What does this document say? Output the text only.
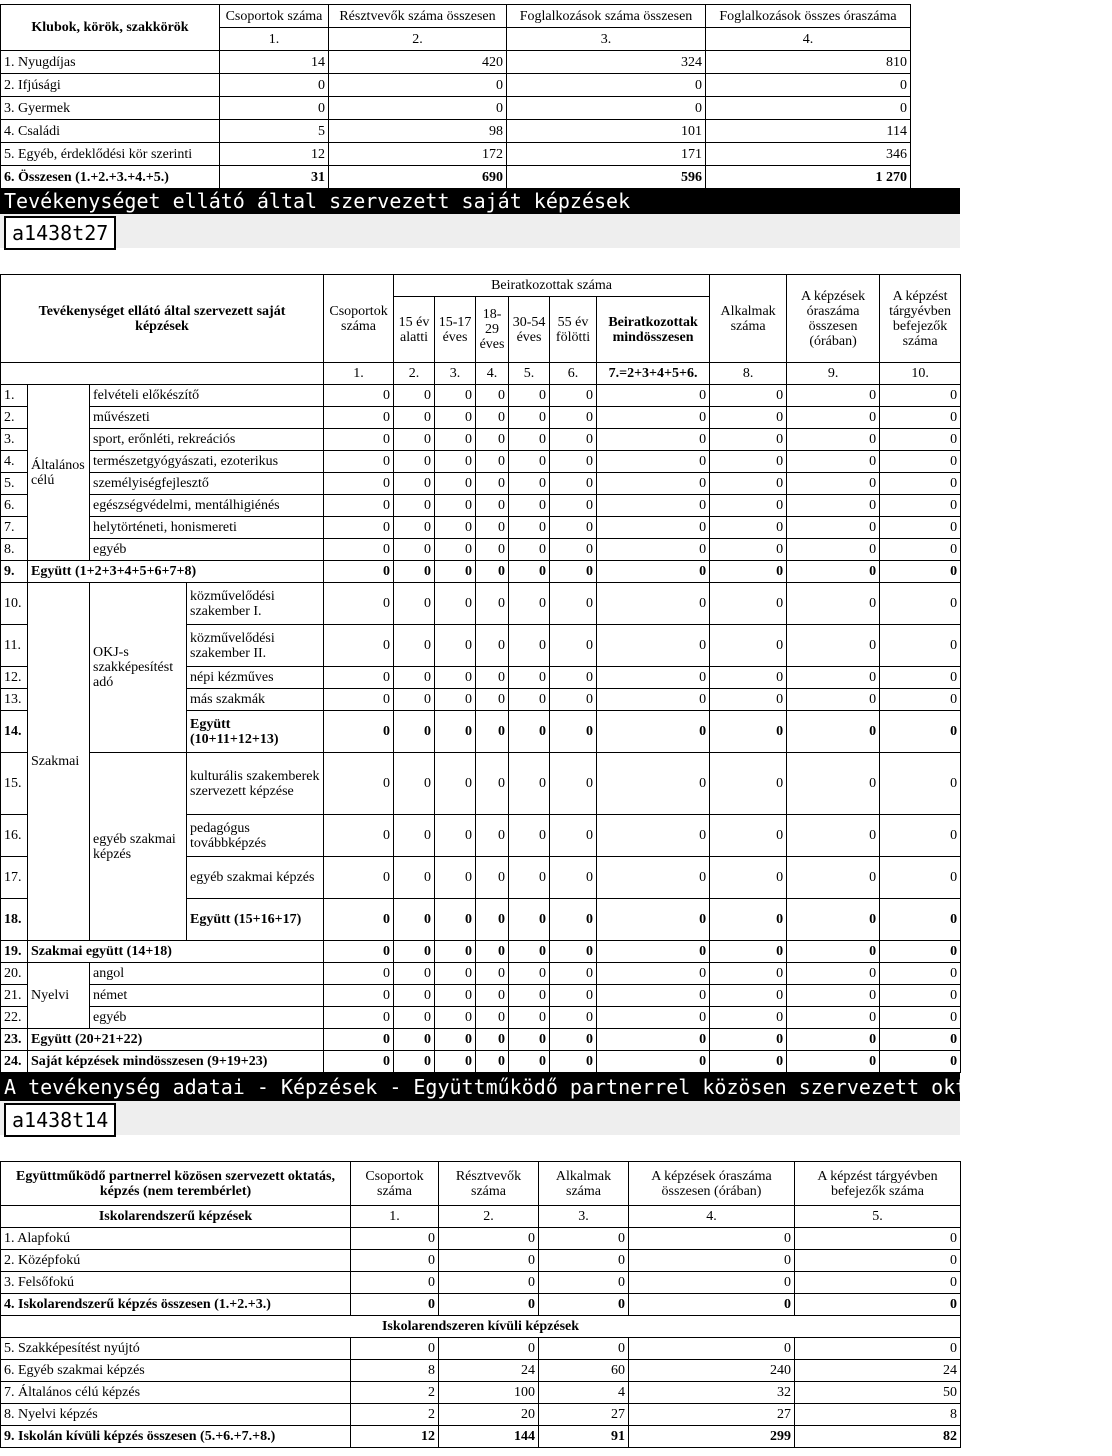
Klubok, körök, szakkörök	Csoportok száma	Résztvevők száma összesen	Foglalkozások száma összesen	Foglalkozások összes óraszáma
	1.	2.	3.	4.
1. Nyugdíjas	14	420	324	810
2. Ifjúsági	0	0	0	0
3. Gyermek	0	0	0	0
4. Családi	5	98	101	114
5. Egyéb, érdeklődési kör szerinti	12	172	171	346
6. Összesen (1.+2.+3.+4.+5.)	31	690	596	1 270
Tevékenységet ellátó által szervezett saját képzések
a1438t27
Tevékenységet ellátó által szervezett saját képzések				Csoportok száma	Beiratkozottak száma						Alkalmak száma	A képzések óraszáma összesen (órában)	A képzést tárgyévben befejezők száma
					15 év alatti	15-17 éves	18-29 éves	30-54 éves	55 év fölötti	Beiratkozottak mindösszesen			
				1.	2.	3.	4.	5.	6.	7.=2+3+4+5+6.	8.	9.	10.
1.	Általános célú	felvételi előkészítő		0	0	0	0	0	0	0	0	0	0
2.		művészeti		0	0	0	0	0	0	0	0	0	0
3.		sport, erőnléti, rekreációs		0	0	0	0	0	0	0	0	0	0
4.		természetgyógyászati, ezoterikus		0	0	0	0	0	0	0	0	0	0
5.		személyiségfejlesztő		0	0	0	0	0	0	0	0	0	0
6.		egészségvédelmi, mentálhigiénés		0	0	0	0	0	0	0	0	0	0
7.		helytörténeti, honismereti		0	0	0	0	0	0	0	0	0	0
8.		egyéb		0	0	0	0	0	0	0	0	0	0
9.	Együtt (1+2+3+4+5+6+7+8)			0	0	0	0	0	0	0	0	0	0
10.	Szakmai	OKJ-s szakképesítést adó	közművelődési szakember I.	0	0	0	0	0	0	0	0	0	0
11.			közművelődési szakember II.	0	0	0	0	0	0	0	0	0	0
12.			népi kézműves	0	0	0	0	0	0	0	0	0	0
13.			más szakmák	0	0	0	0	0	0	0	0	0	0
14.			Együtt (10+11+12+13)	0	0	0	0	0	0	0	0	0	0
15.		egyéb szakmai képzés	kulturális szakemberek szervezett képzése	0	0	0	0	0	0	0	0	0	0
16.			pedagógus továbbképzés	0	0	0	0	0	0	0	0	0	0
17.			egyéb szakmai képzés	0	0	0	0	0	0	0	0	0	0
18.			Együtt (15+16+17)	0	0	0	0	0	0	0	0	0	0
19.	Szakmai együtt (14+18)			0	0	0	0	0	0	0	0	0	0
20.	Nyelvi	angol		0	0	0	0	0	0	0	0	0	0
21.		német		0	0	0	0	0	0	0	0	0	0
22.		egyéb		0	0	0	0	0	0	0	0	0	0
23.	Együtt (20+21+22)			0	0	0	0	0	0	0	0	0	0
24.	Saját képzések mindösszesen (9+19+23)			0	0	0	0	0	0	0	0	0	0
A tevékenység adatai - Képzések - Együttműködő partnerrel közösen szervezett oktatás, képzés
a1438t14
Együttműködő partnerrel közösen szervezett oktatás, képzés (nem terembérlet)	Csoportok száma	Résztvevők száma	Alkalmak száma	A képzések óraszáma összesen (órában)	A képzést tárgyévben befejezők száma
Iskolarendszerű képzések	1.	2.	3.	4.	5.
1. Alapfokú	0	0	0	0	0
2. Középfokú	0	0	0	0	0
3. Felsőfokú	0	0	0	0	0
4. Iskolarendszerű képzés összesen (1.+2.+3.)	0	0	0	0	0
Iskolarendszeren kívüli képzések					
5. Szakképesítést nyújtó	0	0	0	0	0
6. Egyéb szakmai képzés	8	24	60	240	24
7. Általános célú képzés	2	100	4	32	50
8. Nyelvi képzés	2	20	27	27	8
9. Iskolán kívüli képzés összesen (5.+6.+7.+8.)	12	144	91	299	82
